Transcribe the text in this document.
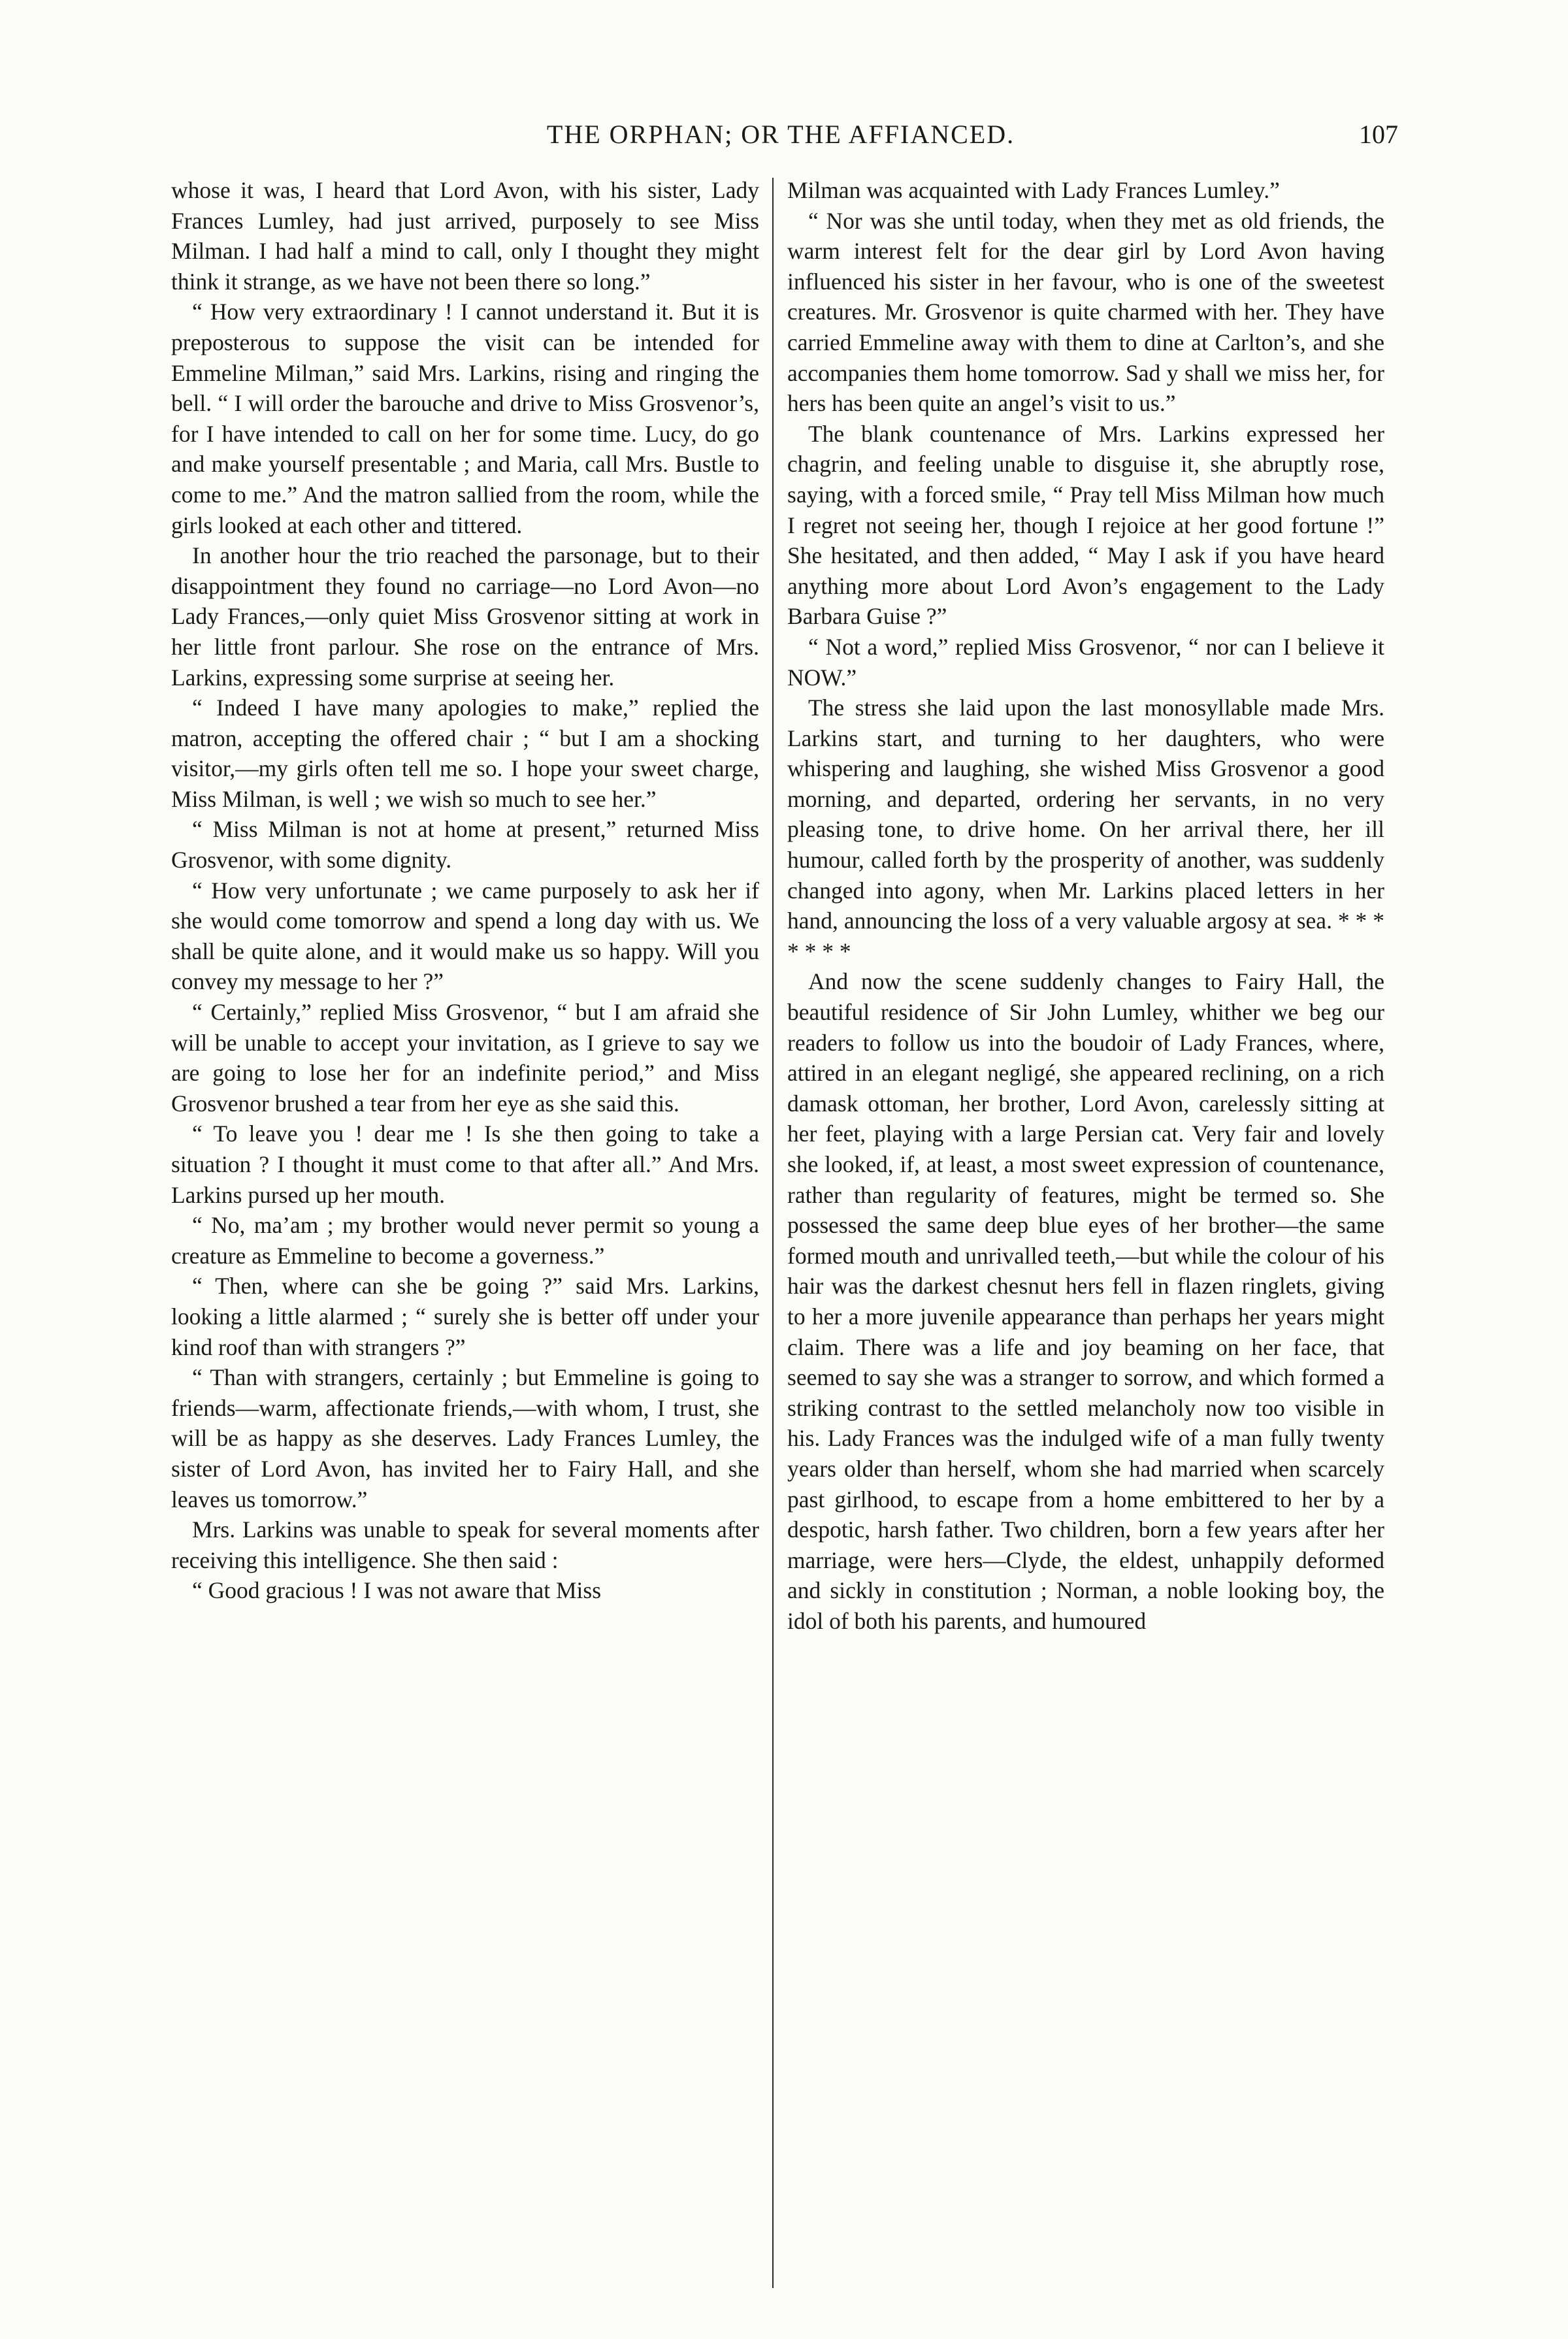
THE ORPHAN; OR THE AFFIANCED.	107

whose it was, I heard that Lord Avon, with his sister, Lady Frances Lumley, had just arrived, purposely to see Miss Milman. I had half a mind to call, only I thought they might think it strange, as we have not been there so long.”

“ How very extraordinary ! I cannot understand it. But it is preposterous to suppose the visit can be intended for Emmeline Milman,” said Mrs. Larkins, rising and ringing the bell. “ I will order the barouche and drive to Miss Grosvenor’s, for I have intended to call on her for some time. Lucy, do go and make yourself presentable ; and Maria, call Mrs. Bustle to come to me.” And the matron sallied from the room, while the girls looked at each other and tittered.

In another hour the trio reached the parsonage, but to their disappointment they found no carriage—no Lord Avon—no Lady Frances,—only quiet Miss Grosvenor sitting at work in her little front parlour. She rose on the entrance of Mrs. Larkins, expressing some surprise at seeing her.

“ Indeed I have many apologies to make,” replied the matron, accepting the offered chair ; “ but I am a shocking visitor,—my girls often tell me so. I hope your sweet charge, Miss Milman, is well ; we wish so much to see her.”

“ Miss Milman is not at home at present,” returned Miss Grosvenor, with some dignity.

“ How very unfortunate ; we came purposely to ask her if she would come tomorrow and spend a long day with us. We shall be quite alone, and it would make us so happy. Will you convey my message to her ?”

“ Certainly,” replied Miss Grosvenor, “ but I am afraid she will be unable to accept your invitation, as I grieve to say we are going to lose her for an indefinite period,” and Miss Grosvenor brushed a tear from her eye as she said this.

“ To leave you ! dear me ! Is she then going to take a situation ? I thought it must come to that after all.” And Mrs. Larkins pursed up her mouth.

“ No, ma’am ; my brother would never permit so young a creature as Emmeline to become a governess.”

“ Then, where can she be going ?” said Mrs. Larkins, looking a little alarmed ; “ surely she is better off under your kind roof than with strangers ?”

“ Than with strangers, certainly ; but Emmeline is going to friends—warm, affectionate friends,—with whom, I trust, she will be as happy as she deserves. Lady Frances Lumley, the sister of Lord Avon, has invited her to Fairy Hall, and she leaves us tomorrow.”

Mrs. Larkins was unable to speak for several moments after receiving this intelligence. She then said :

“ Good gracious ! I was not aware that Miss

Milman was acquainted with Lady Frances Lumley.”

“ Nor was she until today, when they met as old friends, the warm interest felt for the dear girl by Lord Avon having influenced his sister in her favour, who is one of the sweetest creatures. Mr. Grosvenor is quite charmed with her. They have carried Emmeline away with them to dine at Carlton’s, and she accompanies them home tomorrow. Sad y shall we miss her, for hers has been quite an angel’s visit to us.”

The blank countenance of Mrs. Larkins expressed her chagrin, and feeling unable to disguise it, she abruptly rose, saying, with a forced smile, “ Pray tell Miss Milman how much I regret not seeing her, though I rejoice at her good fortune !” She hesitated, and then added, “ May I ask if you have heard anything more about Lord Avon’s engagement to the Lady Barbara Guise ?”

“ Not a word,” replied Miss Grosvenor, “ nor can I believe it NOW.”

The stress she laid upon the last monosyllable made Mrs. Larkins start, and turning to her daughters, who were whispering and laughing, she wished Miss Grosvenor a good morning, and departed, ordering her servants, in no very pleasing tone, to drive home. On her arrival there, her ill humour, called forth by the prosperity of another, was suddenly changed into agony, when Mr. Larkins placed letters in her hand, announcing the loss of a very valuable argosy at sea. * * * * * * *

And now the scene suddenly changes to Fairy Hall, the beautiful residence of Sir John Lumley, whither we beg our readers to follow us into the boudoir of Lady Frances, where, attired in an elegant negligé, she appeared reclining, on a rich damask ottoman, her brother, Lord Avon, carelessly sitting at her feet, playing with a large Persian cat. Very fair and lovely she looked, if, at least, a most sweet expression of countenance, rather than regularity of features, might be termed so. She possessed the same deep blue eyes of her brother—the same formed mouth and unrivalled teeth,—but while the colour of his hair was the darkest chesnut hers fell in flazen ringlets, giving to her a more juvenile appearance than perhaps her years might claim. There was a life and joy beaming on her face, that seemed to say she was a stranger to sorrow, and which formed a striking contrast to the settled melancholy now too visible in his. Lady Frances was the indulged wife of a man fully twenty years older than herself, whom she had married when scarcely past girlhood, to escape from a home embittered to her by a despotic, harsh father. Two children, born a few years after her marriage, were hers—Clyde, the eldest, unhappily deformed and sickly in constitution ; Norman, a noble looking boy, the idol of both his parents, and humoured
